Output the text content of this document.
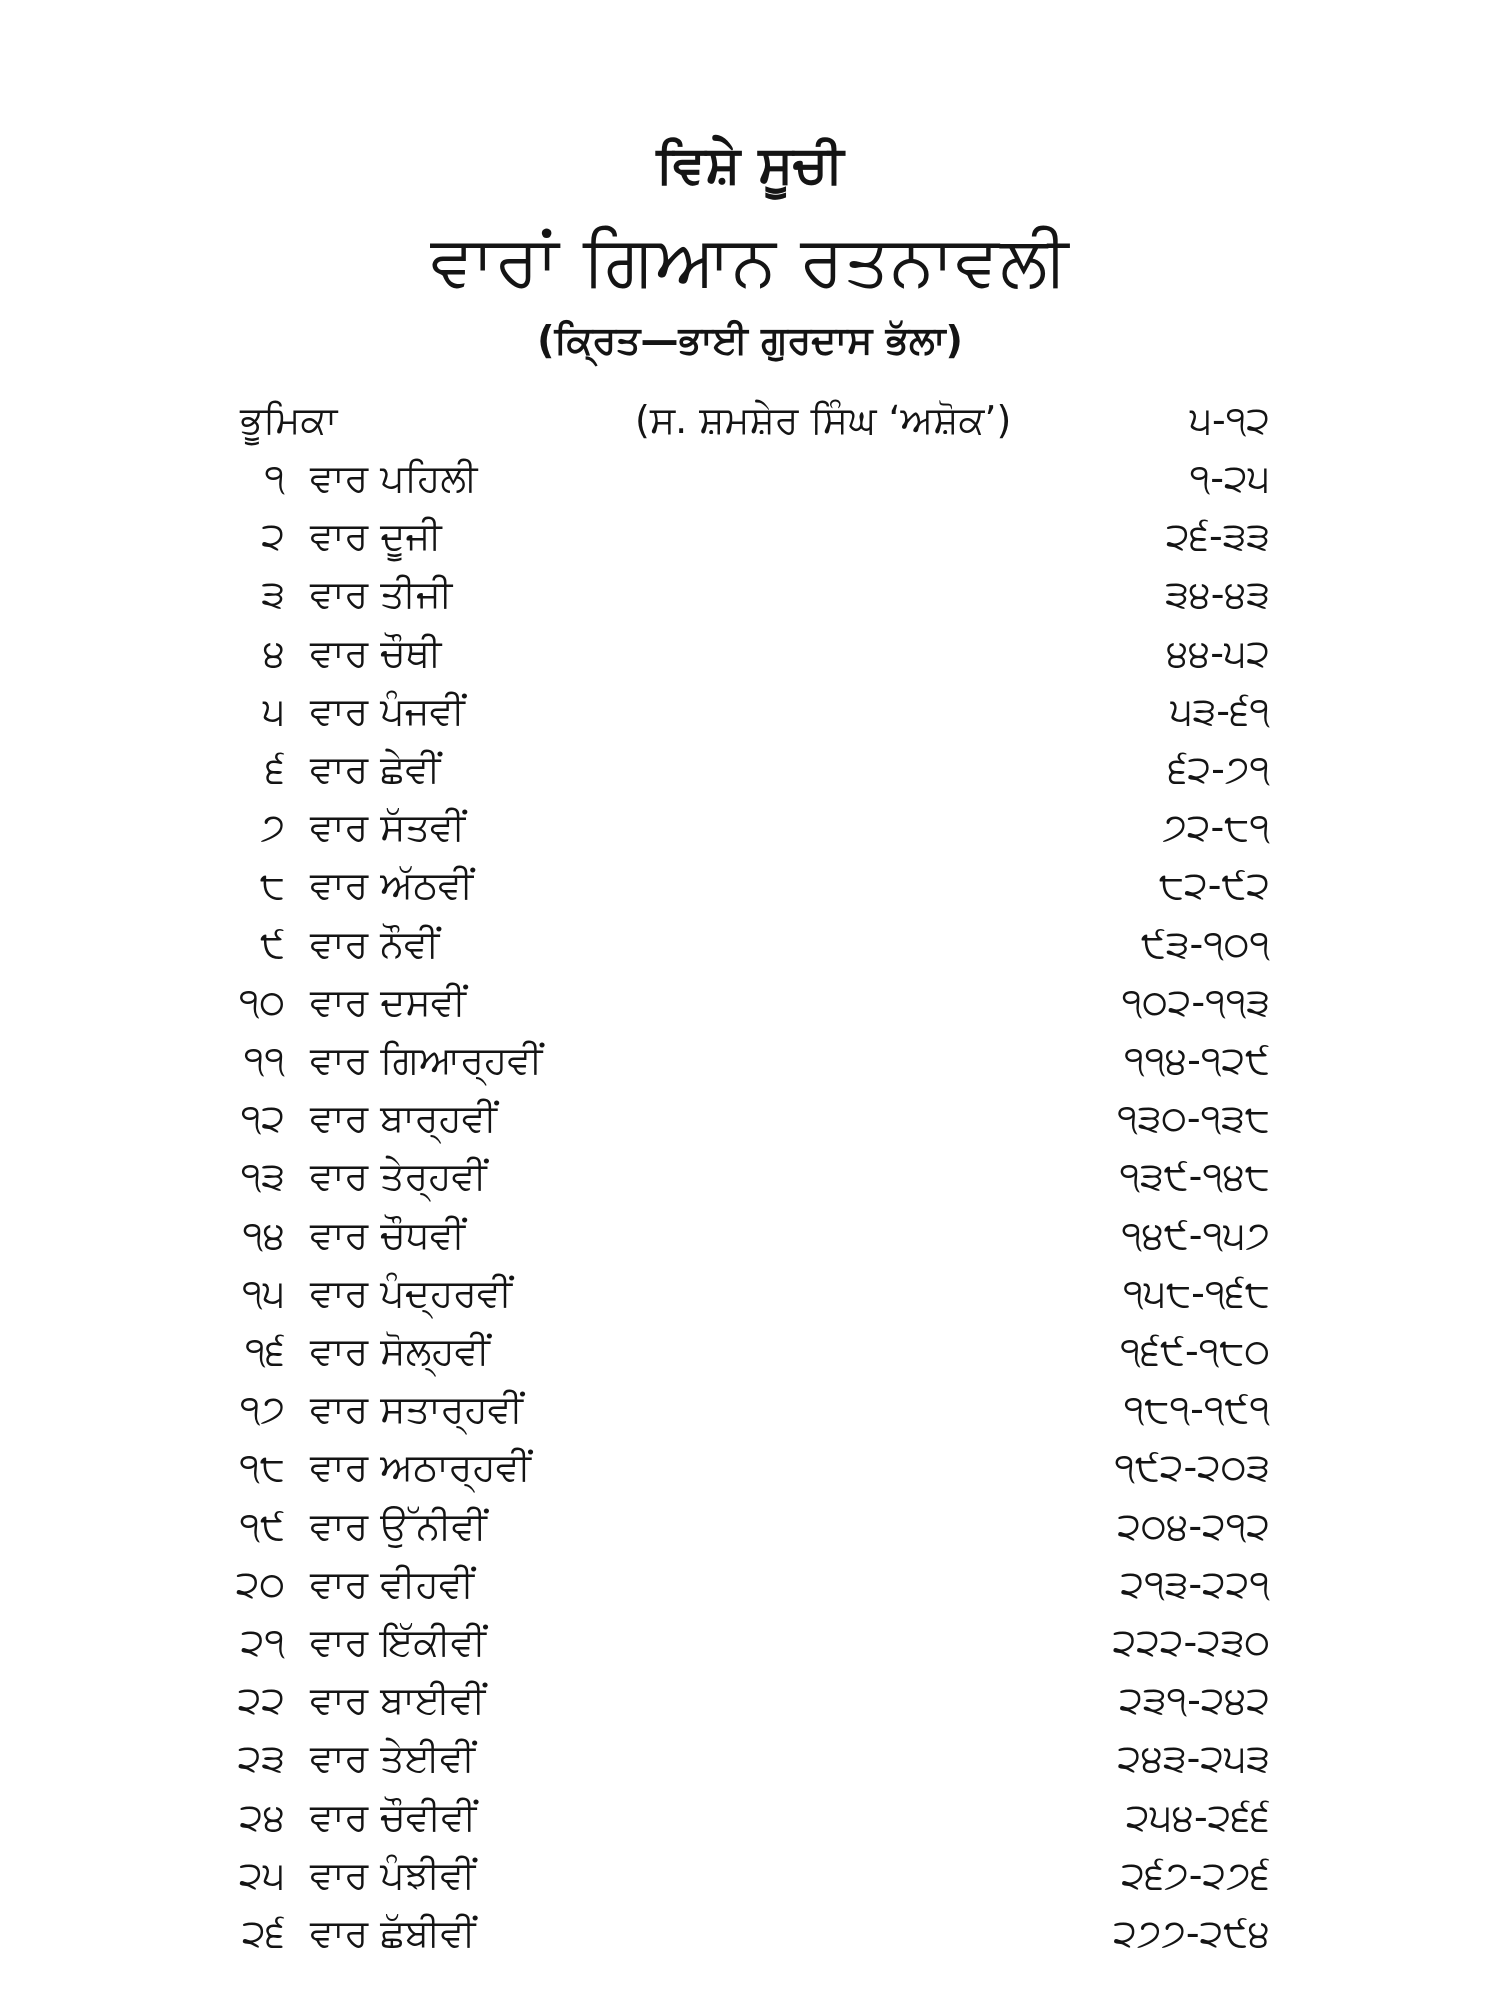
ਵਿਸ਼ੇ ਸੂਚੀ
ਵਾਰਾਂ ਗਿਆਨ ਰਤਨਾਵਲੀ
(ਕ੍ਰਿਤ—ਭਾਈ ਗੁਰਦਾਸ ਭੱਲਾ)
ਭੂਮਿਕਾ	(ਸ. ਸ਼ਮਸ਼ੇਰ ਸਿੰਘ ‘ਅਸ਼ੋਕ’)	੫-੧੨
੧ ਵਾਰ ਪਹਿਲੀ	੧-੨੫
੨ ਵਾਰ ਦੂਜੀ	੨੬-੩੩
੩ ਵਾਰ ਤੀਜੀ	੩੪-੪੩
੪ ਵਾਰ ਚੌਥੀ	੪੪-੫੨
੫ ਵਾਰ ਪੰਜਵੀਂ	੫੩-੬੧
੬ ਵਾਰ ਛੇਵੀਂ	੬੨-੭੧
੭ ਵਾਰ ਸੱਤਵੀਂ	੭੨-੮੧
੮ ਵਾਰ ਅੱਠਵੀਂ	੮੨-੯੨
੯ ਵਾਰ ਨੌਵੀਂ	੯੩-੧੦੧
੧੦ ਵਾਰ ਦਸਵੀਂ	੧੦੨-੧੧੩
੧੧ ਵਾਰ ਗਿਆਰ੍ਹਵੀਂ	੧੧੪-੧੨੯
੧੨ ਵਾਰ ਬਾਰ੍ਹਵੀਂ	੧੩੦-੧੩੮
੧੩ ਵਾਰ ਤੇਰ੍ਹਵੀਂ	੧੩੯-੧੪੮
੧੪ ਵਾਰ ਚੌਧਵੀਂ	੧੪੯-੧੫੭
੧੫ ਵਾਰ ਪੰਦ੍ਹਰਵੀਂ	੧੫੮-੧੬੮
੧੬ ਵਾਰ ਸੋਲ੍ਹਵੀਂ	੧੬੯-੧੮੦
੧੭ ਵਾਰ ਸਤਾਰ੍ਹਵੀਂ	੧੮੧-੧੯੧
੧੮ ਵਾਰ ਅਠਾਰ੍ਹਵੀਂ	੧੯੨-੨੦੩
੧੯ ਵਾਰ ਉੱਨੀਵੀਂ	੨੦੪-੨੧੨
੨੦ ਵਾਰ ਵੀਹਵੀਂ	੨੧੩-੨੨੧
੨੧ ਵਾਰ ਇੱਕੀਵੀਂ	੨੨੨-੨੩੦
੨੨ ਵਾਰ ਬਾਈਵੀਂ	੨੩੧-੨੪੨
੨੩ ਵਾਰ ਤੇਈਵੀਂ	੨੪੩-੨੫੩
੨੪ ਵਾਰ ਚੌਵੀਵੀਂ	੨੫੪-੨੬੬
੨੫ ਵਾਰ ਪੰਝੀਵੀਂ	੨੬੭-੨੭੬
੨੬ ਵਾਰ ਛੱਬੀਵੀਂ	੨੭੭-੨੯੪
